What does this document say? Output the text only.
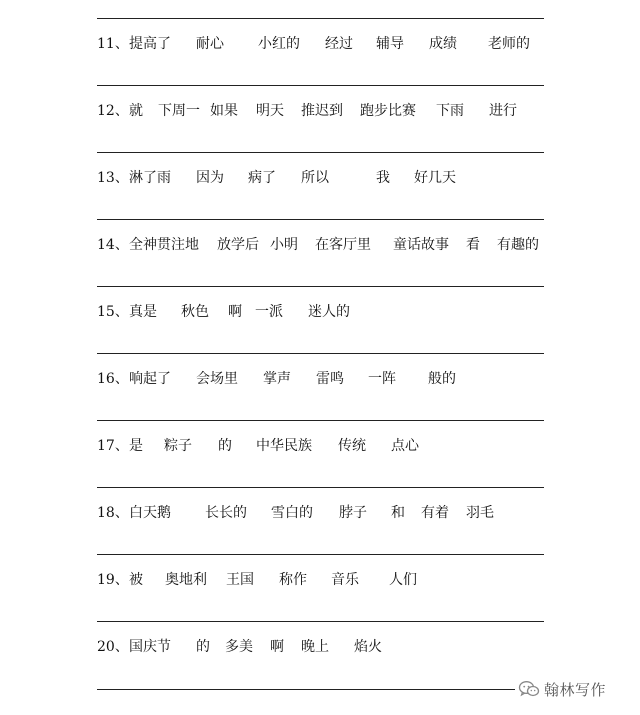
11、 提高了 耐心 小红的 经过 辅导 成绩 老师的
12、 就 下周一 如果 明天 推迟到 跑步比赛 下雨 进行
13、 淋了雨 因为 病了 所以	我 好几天
14、 全神贯注地 放学后 小明 在客厅里 童话故事 看 有趣的
15、 真是 秋色 啊 一派 迷人的
16、 响起了 会场里 掌声 雷鸣 一阵 般的
17、 是 粽子 的 中华民族 传统 点心
18、 白天鹅 长长的 雪白的 脖子 和 有着 羽毛
19、 被 奥地利 王国 称作 音乐 人们
20、 国庆节 的 多美 啊 晚上 焰火
翰林写作
